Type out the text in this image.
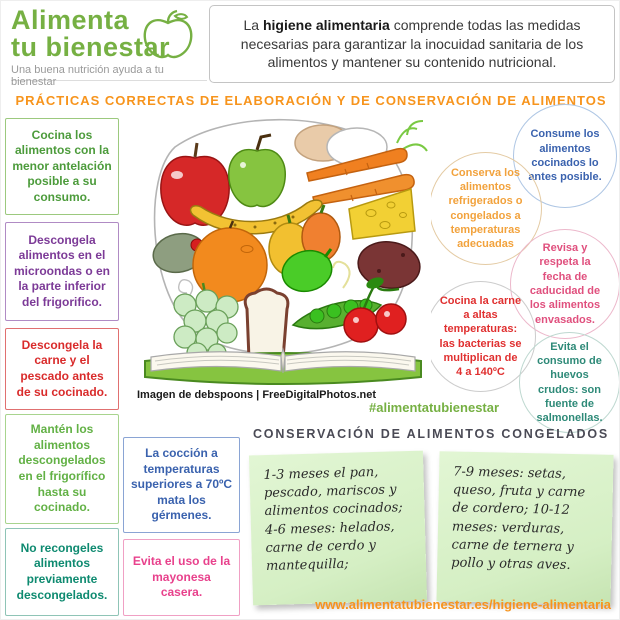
Alimenta
tu bienestar
Una buena nutrición ayuda a tu bienestar
La higiene alimentaria comprende todas las medidas necesarias para garantizar la inocuidad sanitaria de los alimentos y mantener su contenido nutricional.
PRÁCTICAS CORRECTAS DE ELABORACIÓN Y DE CONSERVACIÓN DE ALIMENTOS
Cocina los alimentos con la menor antelación posible a su consumo.
Descongela alimentos en el microondas o en la parte inferior del frigorifico.
Descongela la carne y el pescado antes de su cocinado.
Mantén los alimentos descongelados en el frigorífico hasta su cocinado.
No recongeles alimentos previamente descongelados.
La cocción a temperaturas superiores a 70ºC mata los gérmenes.
Evita el uso de la mayonesa casera.
Consume los alimentos cocinados lo antes posible.
Conserva los alimentos refrigerados o congelados a temperaturas adecuadas	Revisa y respeta la fecha de caducidad de los alimentos envasados.
Cocina la carne a altas temperaturas: las bacterias se multiplican de 4 a 140ºC
Evita el consumo de huevos crudos: son fuente de salmonellas.
Imagen de debspoons | FreeDigitalPhotos.net
#alimentatubienestar
CONSERVACIÓN DE ALIMENTOS CONGELADOS
1-3 meses el pan, pescado, mariscos y alimentos cocinados; 4-6 meses: helados, carne de cerdo y mantequilla;
7-9 meses: setas, queso, fruta y carne de cordero; 10-12 meses: verduras, carne de ternera y pollo y otras aves.
www.alimentatubienestar.es/higiene-alimentaria
